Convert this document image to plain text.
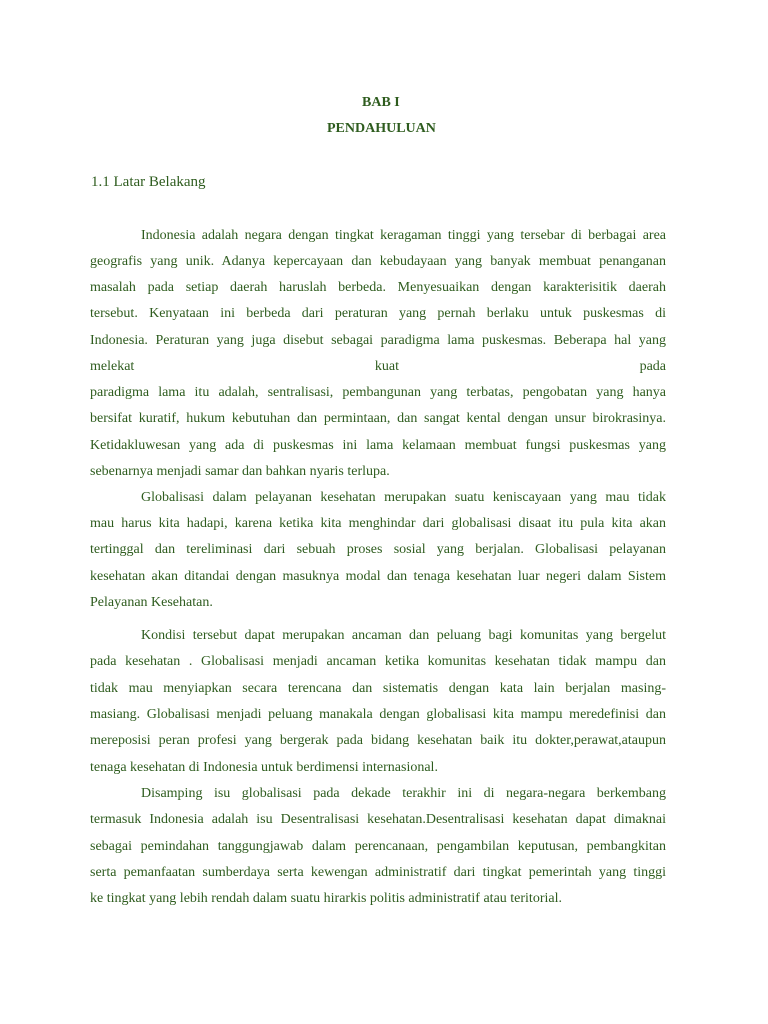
BAB I
PENDAHULUAN
1.1 Latar Belakang
Indonesia adalah negara dengan tingkat keragaman tinggi yang tersebar di berbagai area
geografis yang unik. Adanya kepercayaan dan kebudayaan yang banyak membuat penanganan
masalah pada setiap daerah haruslah berbeda. Menyesuaikan dengan karakterisitik daerah
tersebut. Kenyataan ini berbeda dari peraturan yang pernah berlaku untuk puskesmas di
Indonesia. Peraturan yang juga disebut sebagai paradigma lama puskesmas. Beberapa hal yang
melekat kuat pada
paradigma lama itu adalah, sentralisasi, pembangunan yang terbatas, pengobatan yang hanya
bersifat kuratif, hukum kebutuhan dan permintaan, dan sangat kental dengan unsur birokrasinya.
Ketidakluwesan yang ada di puskesmas ini lama kelamaan membuat fungsi puskesmas yang
sebenarnya menjadi samar dan bahkan nyaris terlupa.
Globalisasi dalam pelayanan kesehatan merupakan suatu keniscayaan yang mau tidak
mau harus kita hadapi, karena ketika kita menghindar dari globalisasi disaat itu pula kita akan
tertinggal dan tereliminasi dari sebuah proses sosial yang berjalan. Globalisasi pelayanan
kesehatan akan ditandai dengan masuknya modal dan tenaga kesehatan luar negeri dalam Sistem
Pelayanan Kesehatan.
Kondisi tersebut dapat merupakan ancaman dan peluang bagi komunitas yang bergelut
pada kesehatan . Globalisasi menjadi ancaman ketika komunitas kesehatan tidak mampu dan
tidak mau menyiapkan secara terencana dan sistematis dengan kata lain berjalan masing-
masiang. Globalisasi menjadi peluang manakala dengan globalisasi kita mampu meredefinisi dan
mereposisi peran profesi yang bergerak pada bidang kesehatan baik itu dokter,perawat,ataupun
tenaga kesehatan di Indonesia untuk berdimensi internasional.
Disamping isu globalisasi pada dekade terakhir ini di negara-negara berkembang
termasuk Indonesia adalah isu Desentralisasi kesehatan.Desentralisasi kesehatan dapat dimaknai
sebagai pemindahan tanggungjawab dalam perencanaan, pengambilan keputusan, pembangkitan
serta pemanfaatan sumberdaya serta kewengan administratif dari tingkat pemerintah yang tinggi
ke tingkat yang lebih rendah dalam suatu hirarkis politis administratif atau teritorial.
